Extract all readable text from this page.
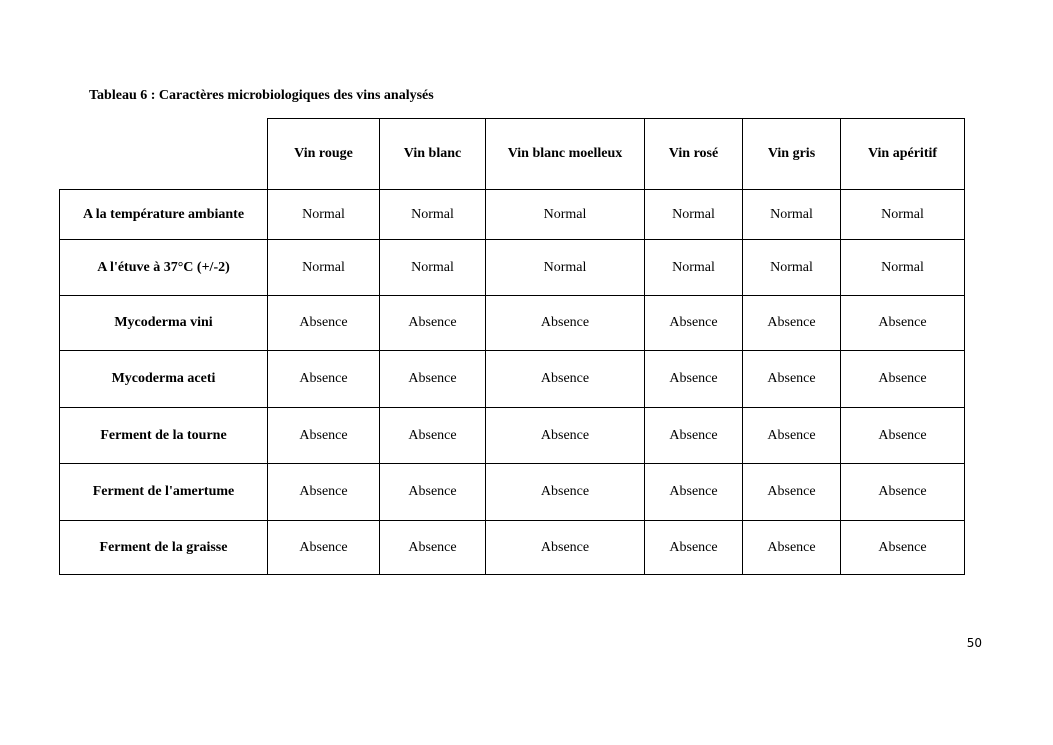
Tableau 6 : Caractères microbiologiques des vins analysés
	Vin rouge	Vin blanc	Vin blanc moelleux	Vin rosé	Vin gris	Vin apéritif
A la température ambiante	Normal	Normal	Normal	Normal	Normal	Normal
A l'étuve à 37°C (+/-2)	Normal	Normal	Normal	Normal	Normal	Normal
Mycoderma vini	Absence	Absence	Absence	Absence	Absence	Absence
Mycoderma aceti	Absence	Absence	Absence	Absence	Absence	Absence
Ferment de la tourne	Absence	Absence	Absence	Absence	Absence	Absence
Ferment de l'amertume	Absence	Absence	Absence	Absence	Absence	Absence
Ferment de la graisse	Absence	Absence	Absence	Absence	Absence	Absence
50
